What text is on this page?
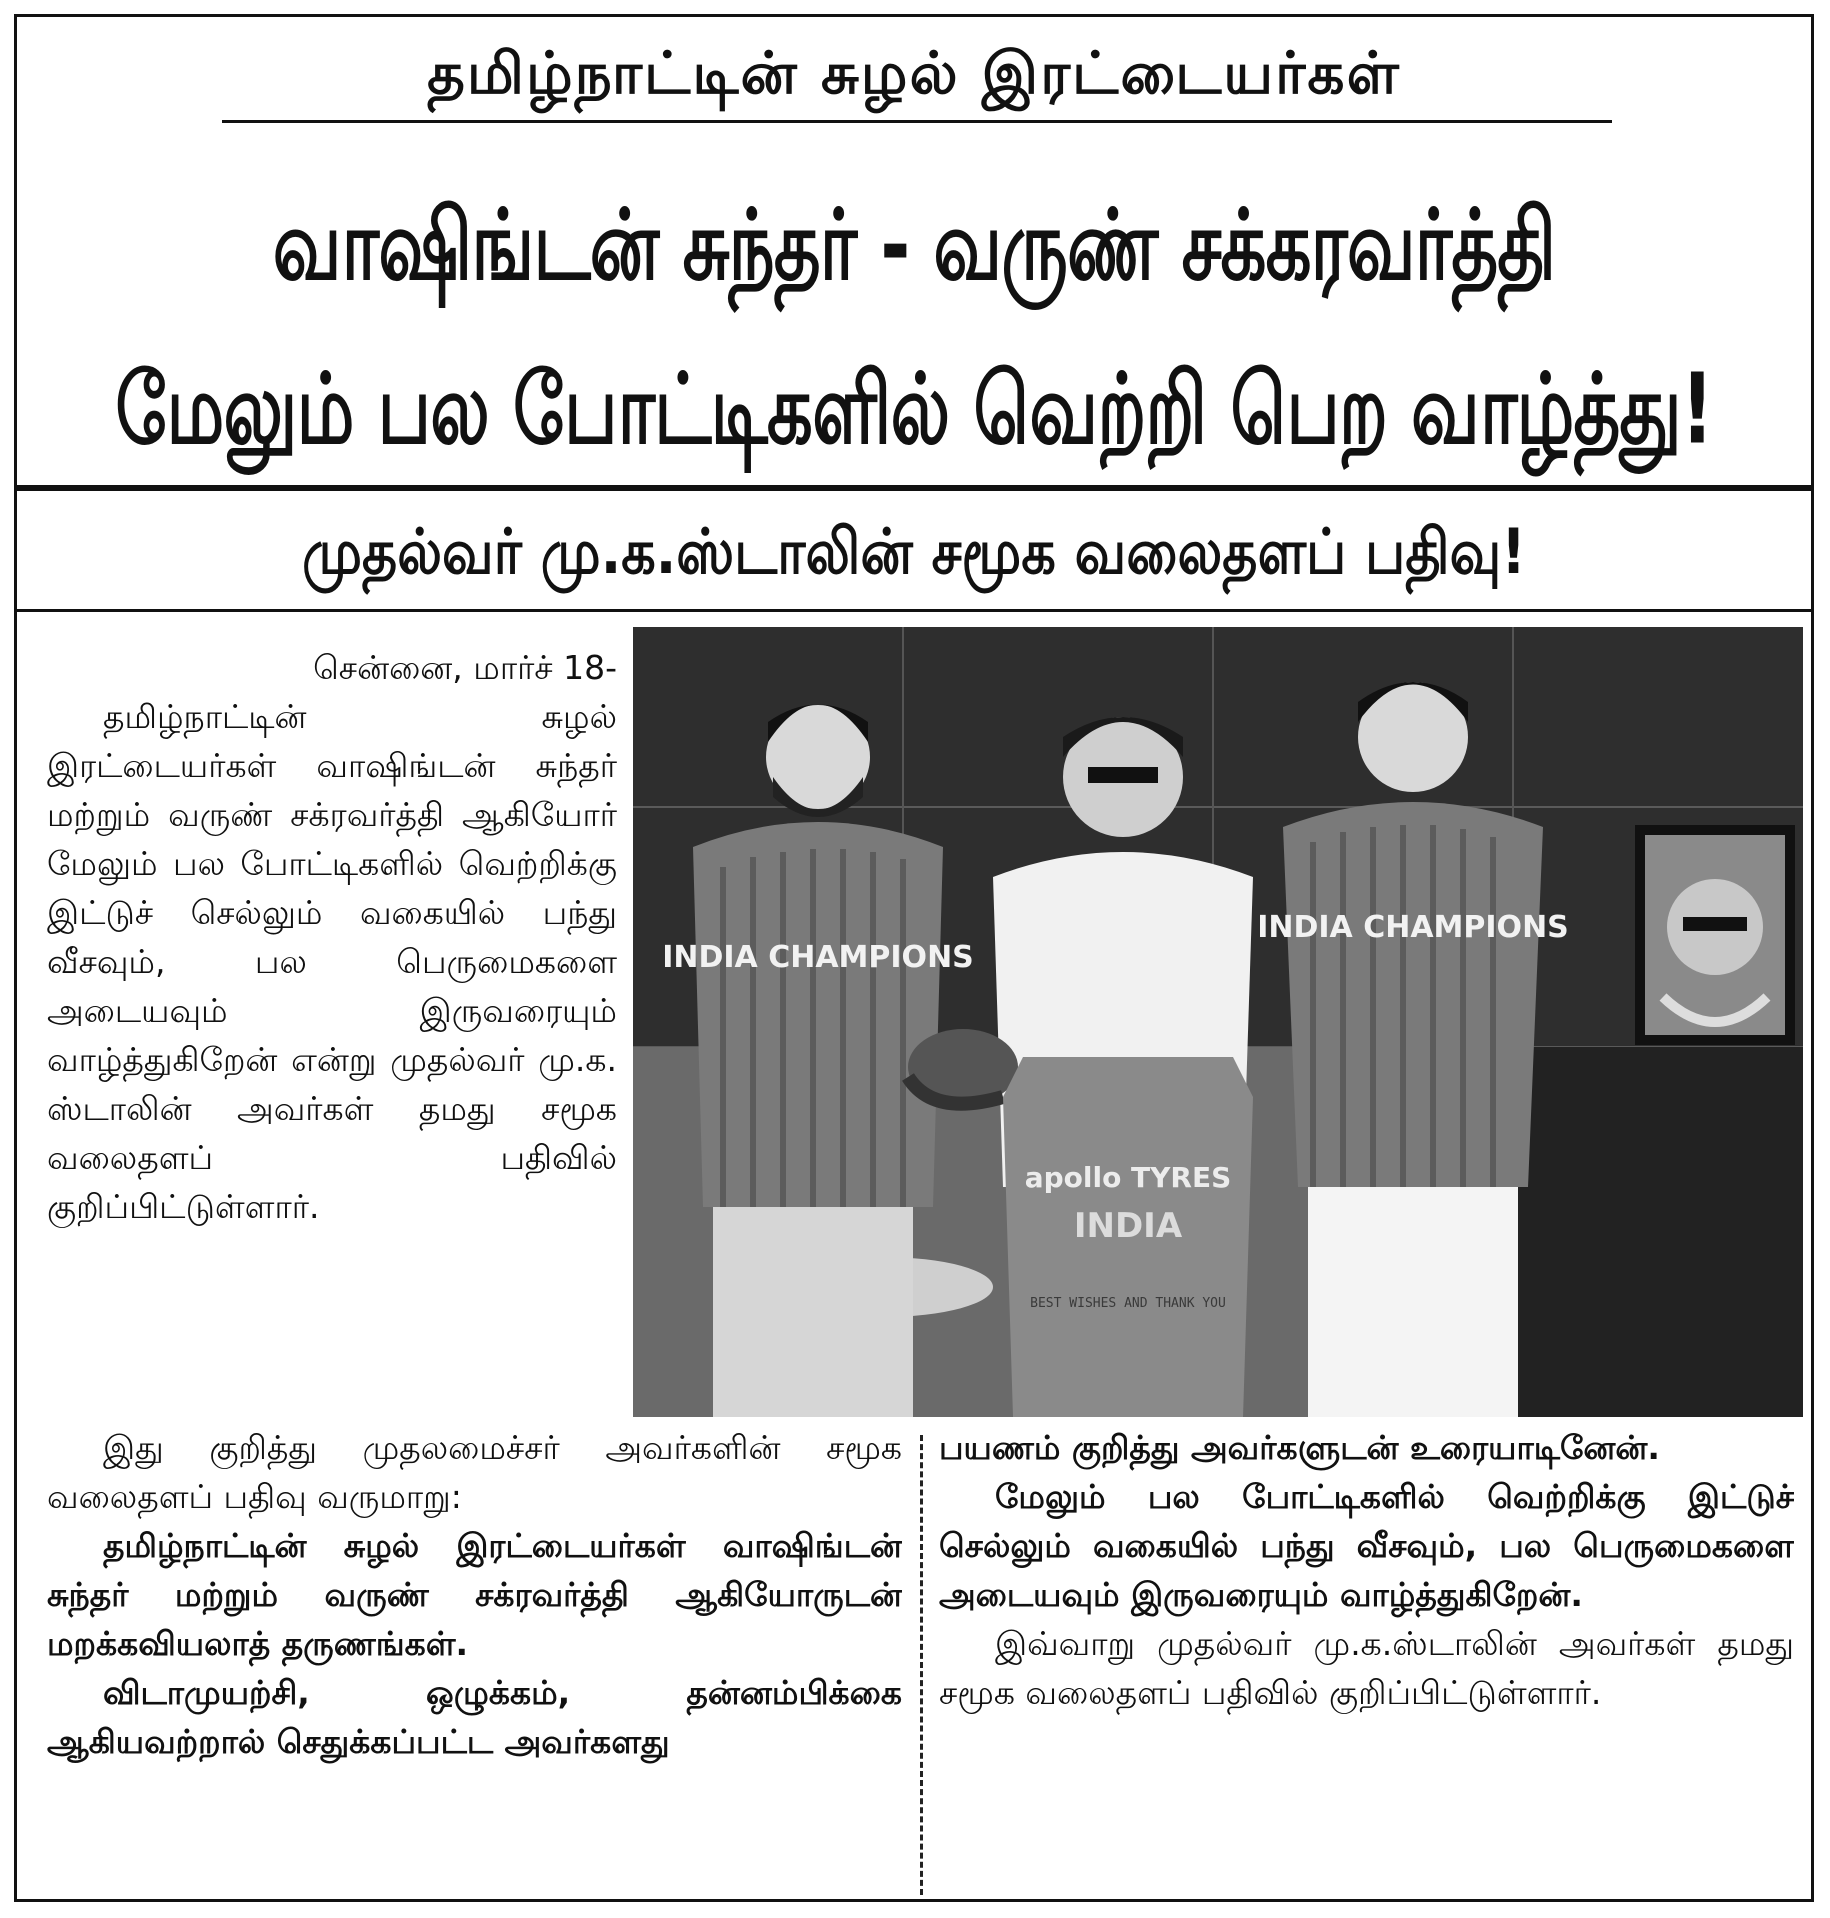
தமிழ்நாட்டின் சுழல் இரட்டையர்கள்
வாஷிங்டன் சுந்தர் - வருண் சக்கரவர்த்தி
மேலும் பல போட்டிகளில் வெற்றி பெற வாழ்த்து!
முதல்வர் மு.க.ஸ்டாலின் சமூக வலைதளப் பதிவு!

சென்னை, மார்ச் 18-

தமிழ்நாட்டின் சுழல் இரட்டையர்கள் வாஷிங்டன் சுந்தர் மற்றும் வருண் சக்ரவர்த்தி ஆகியோர் மேலும் பல போட்டிகளில் வெற்றிக்கு இட்டுச் செல்லும் வகையில் பந்து வீசவும், பல பெருமைகளை அடையவும் இருவரையும் வாழ்த்துகிறேன் என்று முதல்வர் மு.க. ஸ்டாலின் அவர்கள் தமது சமூக வலைதளப் பதிவில் குறிப்பிட்டுள்ளார்.

INDIA CHAMPIONS
INDIA CHAMPIONS
apollo TYRES
INDIA
BEST WISHES AND THANK YOU

இது குறித்து முதலமைச்சர் அவர்களின் சமூக வலைதளப் பதிவு வருமாறு:

தமிழ்நாட்டின் சுழல் இரட்டையர்கள் வாஷிங்டன் சுந்தர் மற்றும் வருண் சக்ரவர்த்தி ஆகியோருடன் மறக்கவியலாத் தருணங்கள்.

விடாமுயற்சி, ஒழுக்கம், தன்னம்பிக்கை ஆகியவற்றால் செதுக்கப்பட்ட அவர்களது

பயணம் குறித்து அவர்களுடன் உரையாடினேன்.

மேலும் பல போட்டிகளில் வெற்றிக்கு இட்டுச் செல்லும் வகையில் பந்து வீசவும், பல பெருமைகளை அடையவும் இருவரையும் வாழ்த்துகிறேன்.

இவ்வாறு முதல்வர் மு.க.ஸ்டாலின் அவர்கள் தமது சமூக வலைதளப் பதிவில் குறிப்பிட்டுள்ளார்.
